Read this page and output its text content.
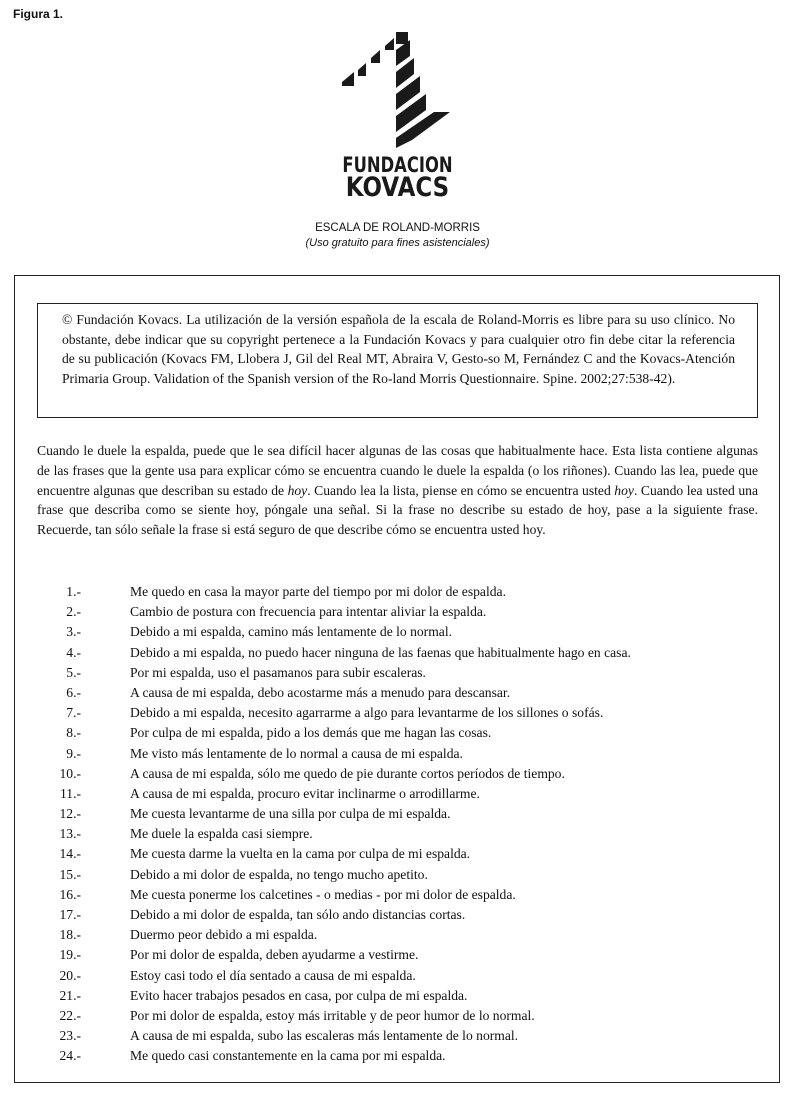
Figura 1.
FUNDACION
KOVACS
ESCALA DE ROLAND-MORRIS
(Uso gratuito para fines asistenciales)
© Fundación Kovacs. La utilización de la versión española de la escala de Roland-Morris es libre para su uso clínico. No obstante, debe indicar que su copyright pertenece a la Fundación Kovacs y para cualquier otro fin debe citar la referencia de su publicación (Kovacs FM, Llobera J, Gil del Real MT, Abraira V, Gesto-so M, Fernández C and the Kovacs-Atención Primaria Group. Validation of the Spanish version of the Ro-land Morris Questionnaire. Spine. 2002;27:538-42).

Cuando le duele la espalda, puede que le sea difícil hacer algunas de las cosas que habitualmente hace. Esta lista contiene algunas de las frases que la gente usa para explicar cómo se encuentra cuando le duele la espalda (o los riñones). Cuando las lea, puede que encuentre algunas que describan su estado de hoy. Cuando lea la lista, piense en cómo se encuentra usted hoy. Cuando lea usted una frase que describa como se siente hoy, póngale una señal. Si la frase no describe su estado de hoy, pase a la siguiente frase. Recuerde, tan sólo señale la frase si está seguro de que describe cómo se encuentra usted hoy.

1.-	Me quedo en casa la mayor parte del tiempo por mi dolor de espalda.
2.-	Cambio de postura con frecuencia para intentar aliviar la espalda.
3.-	Debido a mi espalda, camino más lentamente de lo normal.
4.-	Debido a mi espalda, no puedo hacer ninguna de las faenas que habitualmente hago en casa.
5.-	Por mi espalda, uso el pasamanos para subir escaleras.
6.-	A causa de mi espalda, debo acostarme más a menudo para descansar.
7.-	Debido a mi espalda, necesito agarrarme a algo para levantarme de los sillones o sofás.
8.-	Por culpa de mi espalda, pido a los demás que me hagan las cosas.
9.-	Me visto más lentamente de lo normal a causa de mi espalda.
10.-	A causa de mi espalda, sólo me quedo de pie durante cortos períodos de tiempo.
11.-	A causa de mi espalda, procuro evitar inclinarme o arrodillarme.
12.-	Me cuesta levantarme de una silla por culpa de mi espalda.
13.-	Me duele la espalda casi siempre.
14.-	Me cuesta darme la vuelta en la cama por culpa de mi espalda.
15.-	Debido a mi dolor de espalda, no tengo mucho apetito.
16.-	Me cuesta ponerme los calcetines - o medias - por mi dolor de espalda.
17.-	Debido a mi dolor de espalda, tan sólo ando distancias cortas.
18.-	Duermo peor debido a mi espalda.
19.-	Por mi dolor de espalda, deben ayudarme a vestirme.
20.-	Estoy casi todo el día sentado a causa de mi espalda.
21.-	Evito hacer trabajos pesados en casa, por culpa de mi espalda.
22.-	Por mi dolor de espalda, estoy más irritable y de peor humor de lo normal.
23.-	A causa de mi espalda, subo las escaleras más lentamente de lo normal.
24.-	Me quedo casi constantemente en la cama por mi espalda.
